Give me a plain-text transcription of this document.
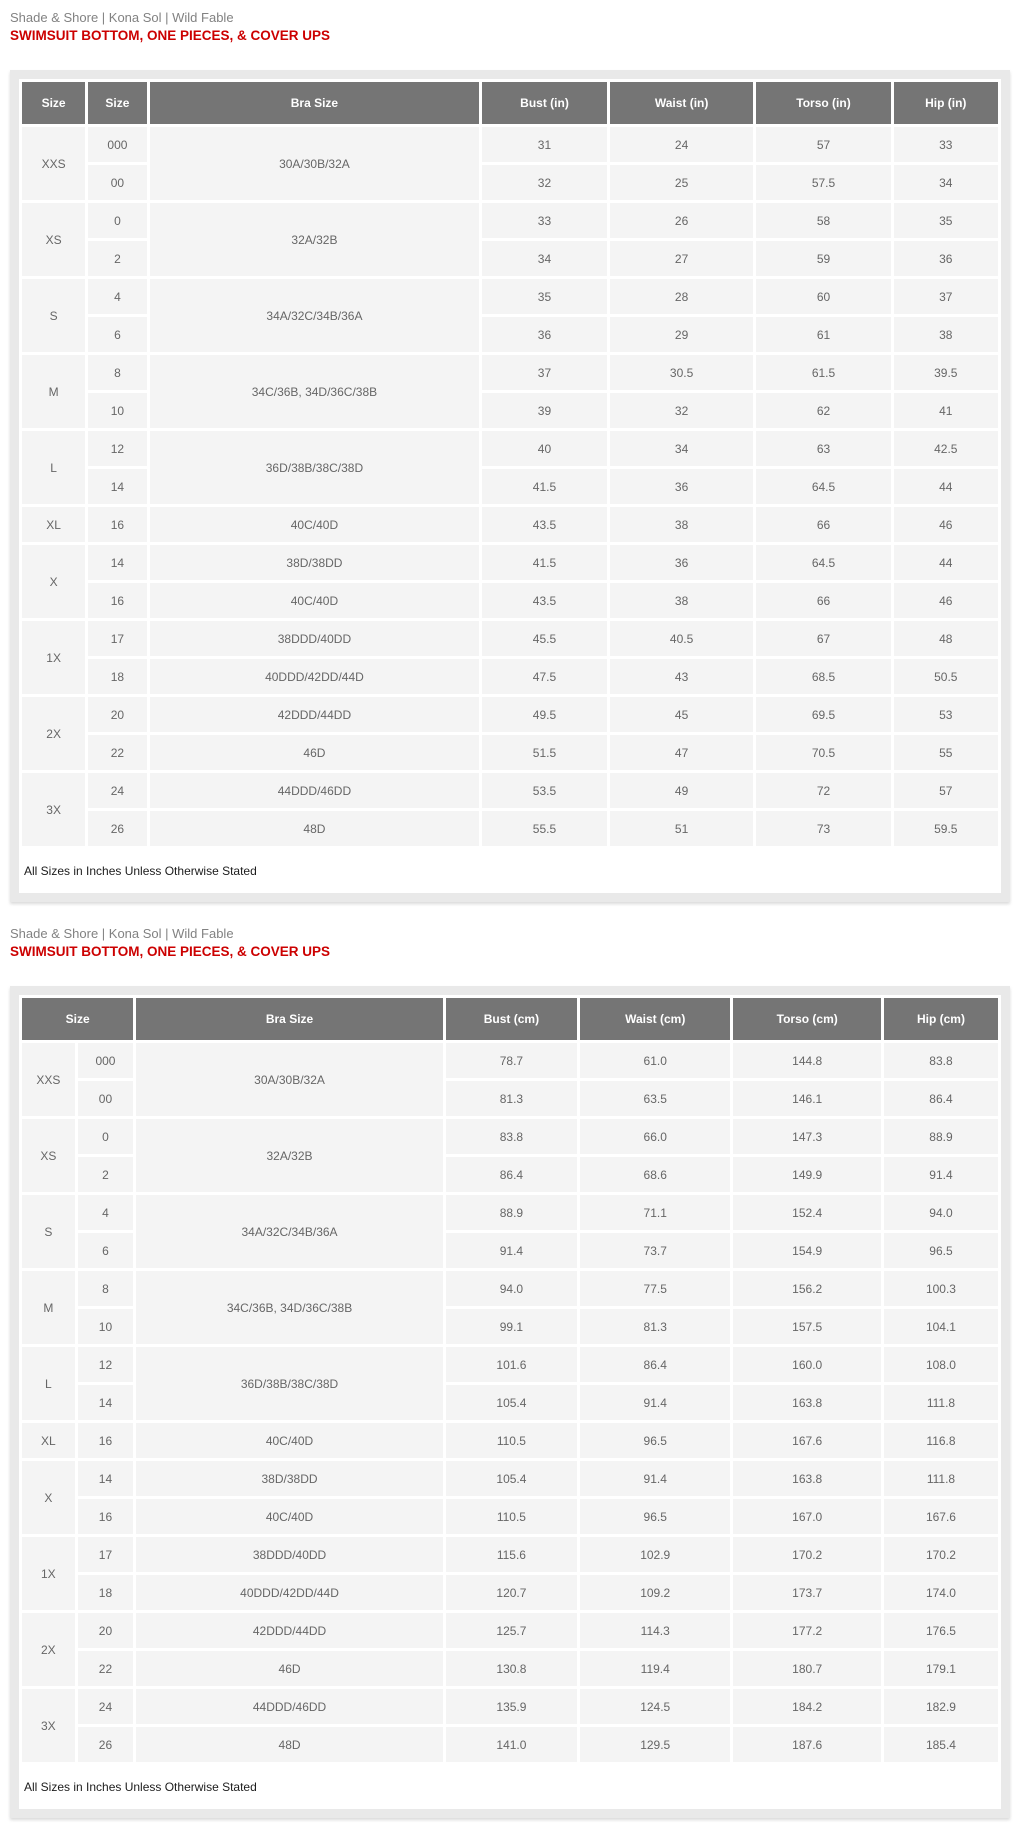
Shade & Shore | Kona Sol | Wild Fable

SWIMSUIT BOTTOM, ONE PIECES, & COVER UPS
Size	Size	Bra Size	Bust (in)	Waist (in)	Torso (in)	Hip (in)
XXS	000	30A/30B/32A	31	24	57	33
	00		32	25	57.5	34
XS	0	32A/32B	33	26	58	35
	2		34	27	59	36
S	4	34A/32C/34B/36A	35	28	60	37
	6		36	29	61	38
M	8	34C/36B, 34D/36C/38B	37	30.5	61.5	39.5
	10		39	32	62	41
L	12	36D/38B/38C/38D	40	34	63	42.5
	14		41.5	36	64.5	44
XL	16	40C/40D	43.5	38	66	46
X	14	38D/38DD	41.5	36	64.5	44
	16	40C/40D	43.5	38	66	46
1X	17	38DDD/40DD	45.5	40.5	67	48
	18	40DDD/42DD/44D	47.5	43	68.5	50.5
2X	20	42DDD/44DD	49.5	45	69.5	53
	22	46D	51.5	47	70.5	55
3X	24	44DDD/46DD	53.5	49	72	57
	26	48D	55.5	51	73	59.5
All Sizes in Inches Unless Otherwise Stated

Shade & Shore | Kona Sol | Wild Fable

SWIMSUIT BOTTOM, ONE PIECES, & COVER UPS
Size		Bra Size	Bust (cm)	Waist (cm)	Torso (cm)	Hip (cm)
XXS	000	30A/30B/32A	78.7	61.0	144.8	83.8
	00		81.3	63.5	146.1	86.4
XS	0	32A/32B	83.8	66.0	147.3	88.9
	2		86.4	68.6	149.9	91.4
S	4	34A/32C/34B/36A	88.9	71.1	152.4	94.0
	6		91.4	73.7	154.9	96.5
M	8	34C/36B, 34D/36C/38B	94.0	77.5	156.2	100.3
	10		99.1	81.3	157.5	104.1
L	12	36D/38B/38C/38D	101.6	86.4	160.0	108.0
	14		105.4	91.4	163.8	111.8
XL	16	40C/40D	110.5	96.5	167.6	116.8
X	14	38D/38DD	105.4	91.4	163.8	111.8
	16	40C/40D	110.5	96.5	167.0	167.6
1X	17	38DDD/40DD	115.6	102.9	170.2	170.2
	18	40DDD/42DD/44D	120.7	109.2	173.7	174.0
2X	20	42DDD/44DD	125.7	114.3	177.2	176.5
	22	46D	130.8	119.4	180.7	179.1
3X	24	44DDD/46DD	135.9	124.5	184.2	182.9
	26	48D	141.0	129.5	187.6	185.4
All Sizes in Inches Unless Otherwise Stated
